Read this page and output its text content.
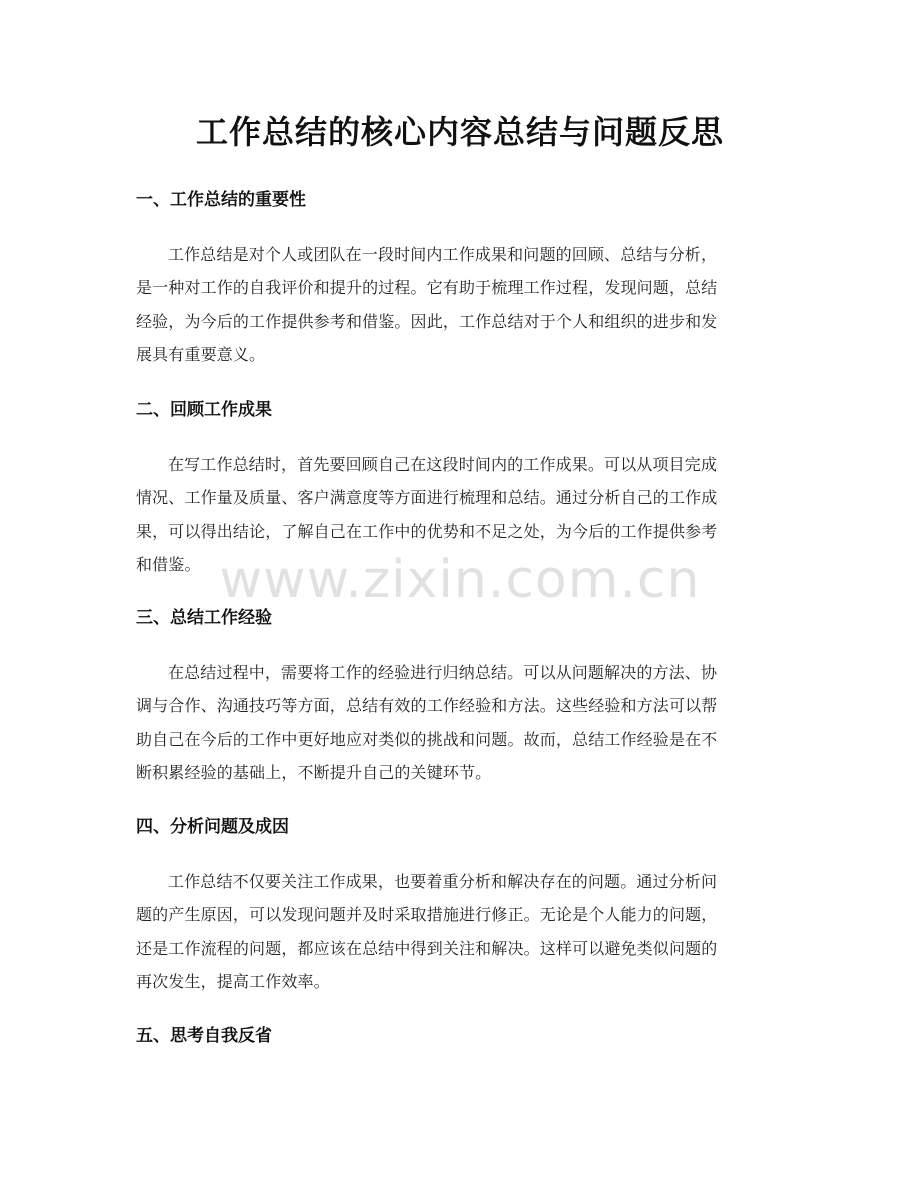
工作总结的核心内容总结与问题反思
一、工作总结的重要性

工作总结是对个人或团队在一段时间内工作成果和问题的回顾、总结与分析，
是一种对工作的自我评价和提升的过程。它有助于梳理工作过程，发现问题，总结
经验，为今后的工作提供参考和借鉴。因此，工作总结对于个人和组织的进步和发
展具有重要意义。

二、回顾工作成果

在写工作总结时，首先要回顾自己在这段时间内的工作成果。可以从项目完成
情况、工作量及质量、客户满意度等方面进行梳理和总结。通过分析自己的工作成
果，可以得出结论，了解自己在工作中的优势和不足之处，为今后的工作提供参考
和借鉴。

三、总结工作经验

在总结过程中，需要将工作的经验进行归纳总结。可以从问题解决的方法、协
调与合作、沟通技巧等方面，总结有效的工作经验和方法。这些经验和方法可以帮
助自己在今后的工作中更好地应对类似的挑战和问题。故而，总结工作经验是在不
断积累经验的基础上，不断提升自己的关键环节。

四、分析问题及成因

工作总结不仅要关注工作成果，也要着重分析和解决存在的问题。通过分析问
题的产生原因，可以发现问题并及时采取措施进行修正。无论是个人能力的问题，
还是工作流程的问题，都应该在总结中得到关注和解决。这样可以避免类似问题的
再次发生，提高工作效率。

五、思考自我反省
www.zixin.com.cn
